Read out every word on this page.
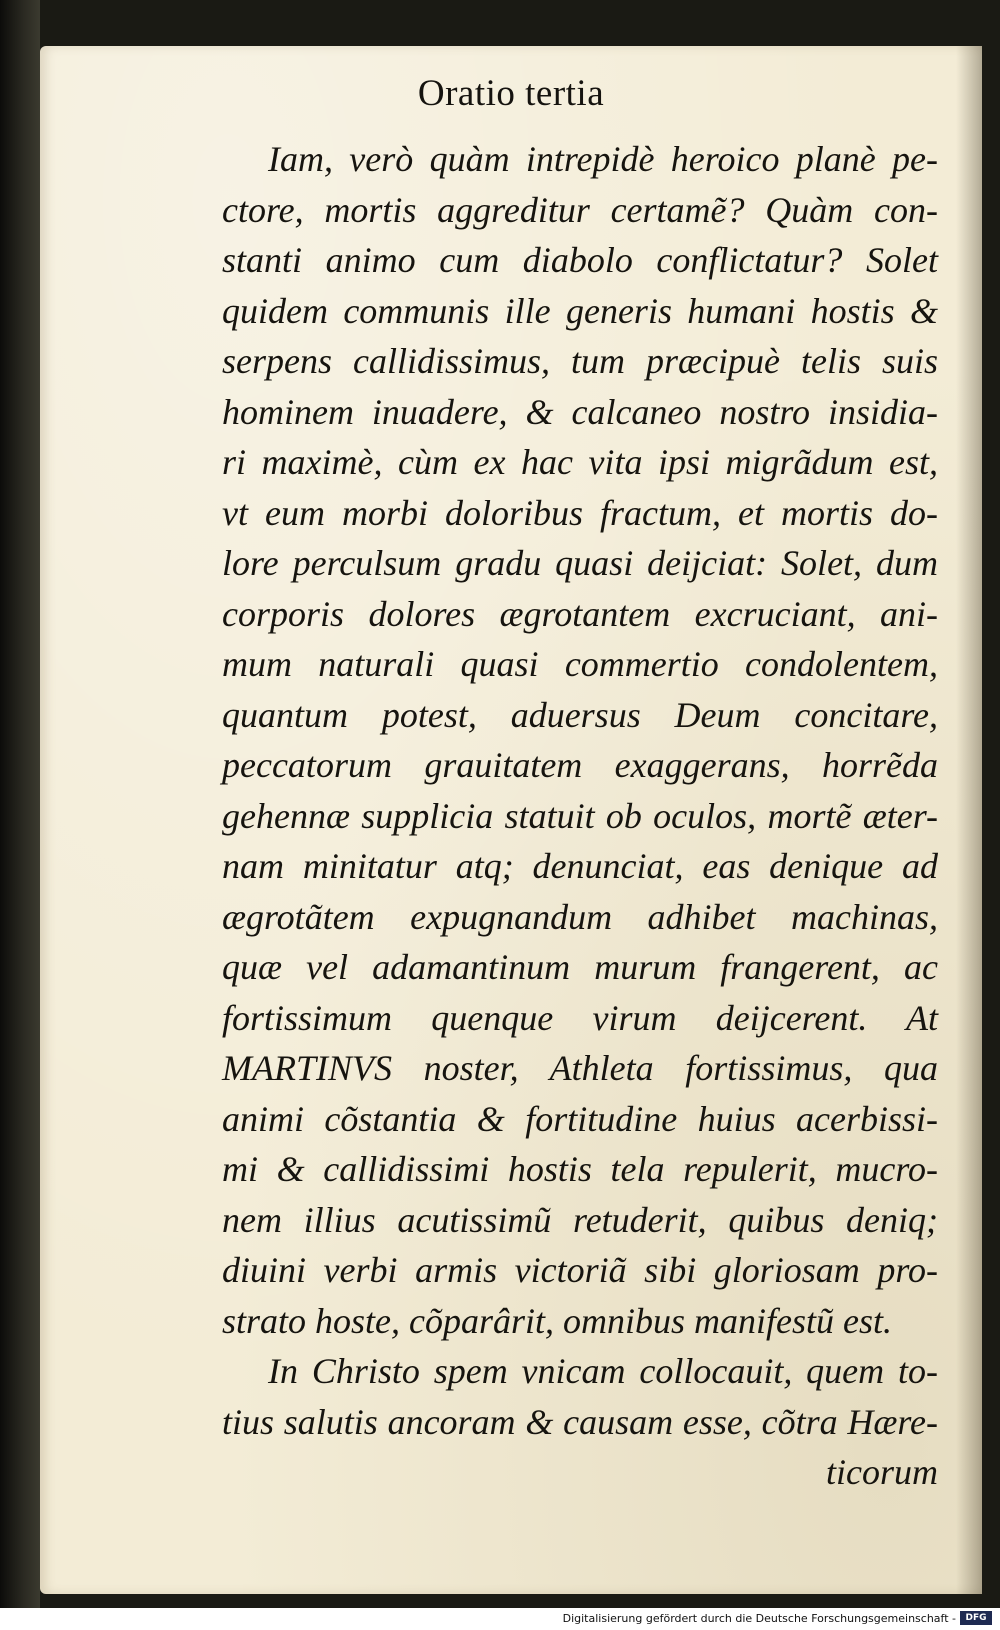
Oratio tertia
Iam, verò quàm intrepidè heroico planè pe-
ctore, mortis aggreditur certamẽ? Quàm con-
stanti animo cum diabolo conflictatur? Solet
quidem communis ille generis humani hostis &
serpens callidissimus, tum præcipuè telis suis
hominem inuadere, & calcaneo nostro insidia-
ri maximè, cùm ex hac vita ipsi migrãdum est,
vt eum morbi doloribus fractum, et mortis do-
lore perculsum gradu quasi deijciat: Solet, dum
corporis dolores ægrotantem excruciant, ani-
mum naturali quasi commertio condolentem,
quantum potest, aduersus Deum concitare,
peccatorum grauitatem exaggerans, horrẽda
gehennæ supplicia statuit ob oculos, mortẽ æter-
nam minitatur atq; denunciat, eas denique ad
ægrotãtem expugnandum adhibet machinas,
quæ vel adamantinum murum frangerent, ac
fortissimum quenque virum deijcerent. At
MARTINVS noster, Athleta fortissimus, qua
animi cõstantia & fortitudine huius acerbissi-
mi & callidissimi hostis tela repulerit, mucro-
nem illius acutissimũ retuderit, quibus deniq;
diuini verbi armis victoriã sibi gloriosam pro-
strato hoste, cõparârit, omnibus manifestũ est.
In Christo spem vnicam collocauit, quem to-
tius salutis ancoram & causam esse, cõtra Hære-
ticorum
Digitalisierung gefördert durch die Deutsche Forschungsgemeinschaft -	DFG
